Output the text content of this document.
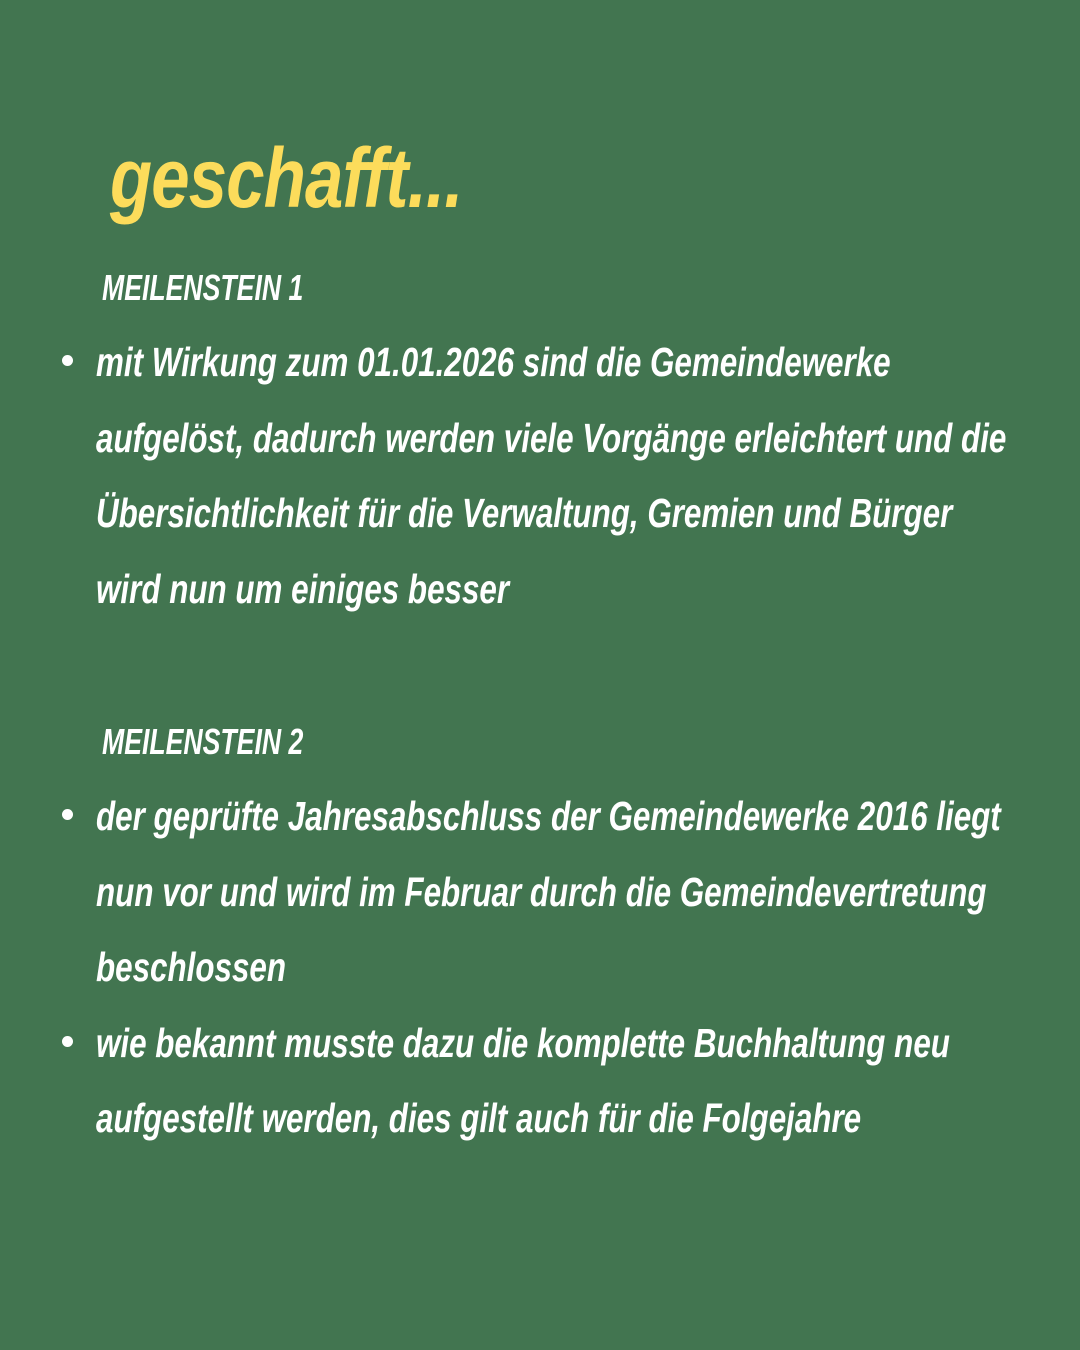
geschafft...
MEILENSTEIN 1
mit Wirkung zum 01.01.2026 sind die Gemeindewerke aufgelöst, dadurch werden viele Vorgänge erleichtert und die Übersichtlichkeit für die Verwaltung, Gremien und Bürger wird nun um einiges besser
MEILENSTEIN 2
der geprüfte Jahresabschluss der Gemeindewerke 2016 liegt nun vor und wird im Februar durch die Gemeindevertretung beschlossen
wie bekannt musste dazu die komplette Buchhaltung neu aufgestellt werden, dies gilt auch für die Folgejahre
